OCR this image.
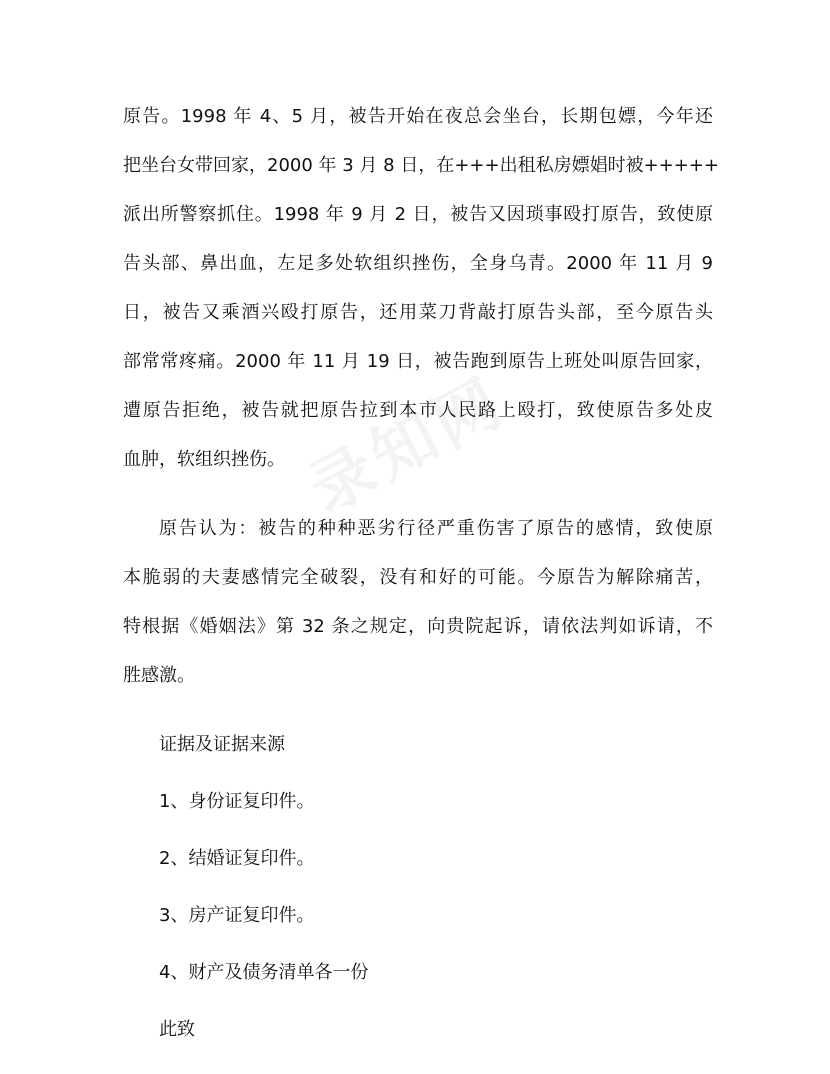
原告。1998 年 4、5 月，被告开始在夜总会坐台，长期包嫖，今年还
把坐台女带回家，2000 年 3 月 8 日，在+++出租私房嫖娼时被+++++
派出所警察抓住。1998 年 9 月 2 日，被告又因琐事殴打原告，致使原
告头部、鼻出血，左足多处软组织挫伤，全身乌青。2000 年 11 月 9
日，被告又乘酒兴殴打原告，还用菜刀背敲打原告头部，至今原告头
部常常疼痛。2000 年 11 月 19 日，被告跑到原告上班处叫原告回家，
遭原告拒绝，被告就把原告拉到本市人民路上殴打，致使原告多处皮
血肿，软组织挫伤。
原告认为：被告的种种恶劣行径严重伤害了原告的感情，致使原
本脆弱的夫妻感情完全破裂，没有和好的可能。今原告为解除痛苦，
特根据《婚姻法》第 32 条之规定，向贵院起诉，请依法判如诉请，不
胜感激。
证据及证据来源
1、身份证复印件。
2、结婚证复印件。
3、房产证复印件。
4、财产及债务清单各一份
此致
